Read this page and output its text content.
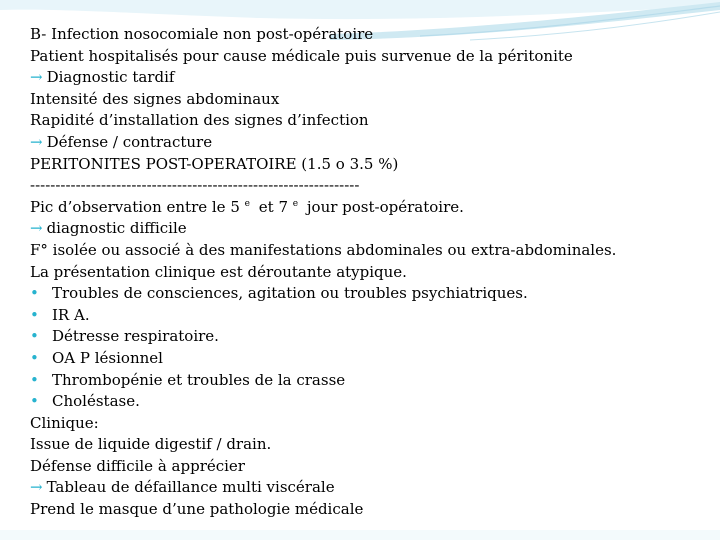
B- Infection nosocomiale non post-opératoire
Patient hospitalisés pour cause médicale puis survenue de la péritonite
→ Diagnostic tardif
Intensité des signes abdominaux
Rapidité d’installation des signes d’infection
→ Défense / contracture
PERITONITES POST-OPERATOIRE (1.5 o 3.5 %)
-----------------------------------------------------------------
Pic d’observation entre le 5 $^e$ et 7 $^e$ jour post-opératoire.
→ diagnostic difficile
F° isolée ou associé à des manifestations abdominales ou extra-abdominales.
La présentation clinique est déroutante atypique.
• Troubles de consciences, agitation ou troubles psychiatriques.
• IR A.
• Détresse respiratoire.
• OA P lésionnel
• Thrombopénie et troubles de la crasse
• Choléstase.
Clinique:
Issue de liquide digestif / drain.
Défense difficile à apprécier
→ Tableau de défaillance multi viscérale
Prend le masque d’une pathologie médicale
